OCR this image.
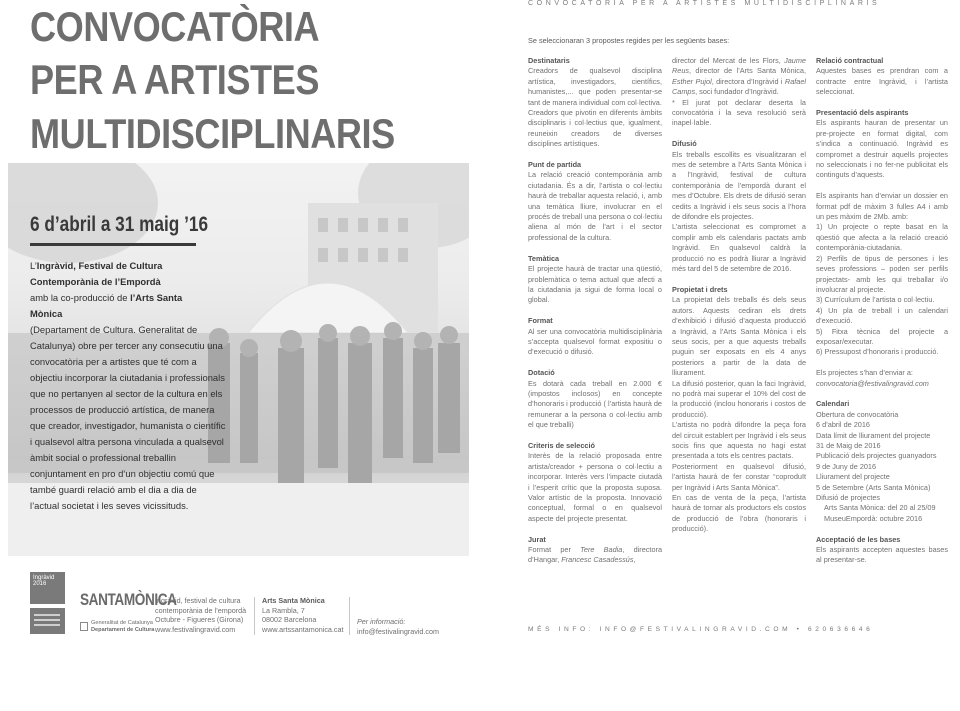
CONVOCATÒRIA
PER A ARTISTES
MULTIDISCIPLINARIS
6 d’abril a 31 maig ’16
L’Ingràvid, Festival de Cultura Contemporània de l’Empordà
amb la co-producció de l’Arts Santa Mònica
(Departament de Cultura. Generalitat de Catalunya) obre per tercer any consecutiu una convocatòria per a artistes que té com a objectiu incorporar la ciutadania i professionals que no pertanyen al sector de la cultura en els processos de producció artística, de manera que creador, investigador, humanista o científic i qualsevol altra persona vinculada a qualsevol àmbit social o professional treballin conjuntament en pro d’un objectiu comú que també guardi relació amb el dia a dia de l’actual societat i les seves vicissituds.
Ingràvid
2016
SANTAMÒNICA
Generalitat de Catalunya
Departament de Cultura
Ingràvid, festival de cultura
contemporània de l’empordà
Octubre - Figueres (Girona)
www.festivalingravid.com
Arts Santa Mònica
La Rambla, 7
08002 Barcelona
www.artssantamonica.cat
Per informació:
info@festivalingravid.com
CONVOCATÒRIA PER A ARTISTES MULTIDISCIPLINARIS
Se seleccionaran 3 propostes regides per les següents bases:

Destinataris

Creadors de qualsevol disciplina artística, investigadors, científics, humanistes,... que poden presentar-se tant de manera individual com col·lectiva.

Creadors que pivotin en diferents àmbits disciplinaris i col·lectius que, igualment, reuneixin creadors de diverses disciplines artístiques.

Punt de partida

La relació creació contemporània amb ciutadania. És a dir, l’artista o col·lectiu haurà de treballar aquesta relació, i, amb una temàtica lliure, involucrar en el procés de treball una persona o col·lectiu aliena al món de l’art i el sector professional de la cultura.

Temàtica

El projecte haurà de tractar una qüestió, problemàtica o tema actual que afecti a la ciutadania ja sigui de forma local o global.

Format

Al ser una convocatòria multidisciplinària s’accepta qualsevol format expositiu o d’execució o difusió.

Dotació

Es dotarà cada treball en 2.000 € (impostos inclosos) en concepte d’honoraris i producció ( l’artista haurà de remunerar a la persona o col·lectiu amb el que treballi)

Criteris de selecció

Interès de la relació proposada entre artista/creador + persona o col·lectiu a incorporar. Interès vers l’impacte ciutadà i l’esperit crític que la proposta suposa. Valor artístic de la proposta. Innovació conceptual, formal o en qualsevol aspecte del projecte presentat.

Jurat

Format per Tere Badia, directora d’Hangar, Francesc Casadessús,

director del Mercat de les Flors, Jaume Reus, director de l’Arts Santa Mònica, Esther Pujol, directora d’Ingràvid i Rafael Camps, soci fundador d’Ingràvid.

* El jurat pot declarar deserta la convocatòria i la seva resolució serà inapel·lable.

Difusió

Els treballs escollits es visualitzaran el mes de setembre a l’Arts Santa Mònica i a l’Ingràvid, festival de cultura contemporània de l’empordà durant el mes d’Octubre. Els drets de difusió seran cedits a Ingràvid i els seus socis a l’hora de difondre els projectes.

L’artista seleccionat es compromet a complir amb els calendaris pactats amb Ingràvid. En qualsevol caldrà la producció no es podrà lliurar a Ingràvid més tard del 5 de setembre de 2016.

Propietat i drets

La propietat dels treballs és dels seus autors. Aquests cediran els drets d’exhibició i difusió d’aquesta producció a Ingràvid, a l’Arts Santa Mònica i els seus socis, per a que aquests treballs puguin ser exposats en els 4 anys posteriors a partir de la data de lliurament.

La difusió posterior, quan la faci Ingràvid, no podrà mai superar el 10% del cost de la producció (inclou honoraris i costos de producció).

L’artista no podrà difondre la peça fora del circuit establert per Ingràvid i els seus socis fins que aquesta no hagi estat presentada a tots els centres pactats.

Posteriorment en qualsevol difusió, l’artista haurà de fer constar “coproduït per Ingràvid i Arts Santa Mònica”.

En cas de venta de la peça, l’artista haurà de tornar als productors els costos de producció de l’obra (honoraris i producció).

Relació contractual

Aquestes bases es prendran com a contracte entre Ingràvid, i l’artista seleccionat.

Presentació dels aspirants

Els aspirants hauran de presentar un pre-projecte en format digital, com s’indica a continuació. Ingràvid es compromet a destruir aquells projectes no seleccionats i no fer-ne publicitat els continguts d’aquests.

Els aspirants han d’enviar un dossier en format pdf de màxim 3 fulles A4 i amb un pes màxim de 2Mb. amb:

1) Un projecte o repte basat en la qüestió que afecta a la relació creació contemporània-ciutadania.

2) Perfils de tipus de persones i les seves professions – poden ser perfils projectats- amb les qui treballar i/o involucrar al projecte.

3) Currículum de l’artista o col·lectiu.

4) Un pla de treball i un calendari d’execució.

5) Fitxa tècnica del projecte a exposar/executar.

6) Pressupost d’honoraris i producció.

Els projectes s’han d’enviar a:

convocatoria@festivalingravid.com

Calendari

Obertura de convocatòria

6 d’abril de 2016

Data límit de lliurament del projecte

31 de Maig de 2016

Publicació dels projectes guanyadors

9 de Juny de 2016

Lliurament del projecte

5 de Setembre (Arts Santa Mònica)

Difusió de projectes

Arts Santa Mònica: del 20 al 25/09

MuseuEmpordà: octubre 2016

Acceptació de les bases

Els aspirants accepten aquestes bases al presentar-se.

MÉS INFO: INFO@FESTIVALINGRAVID.COM • 620636646
